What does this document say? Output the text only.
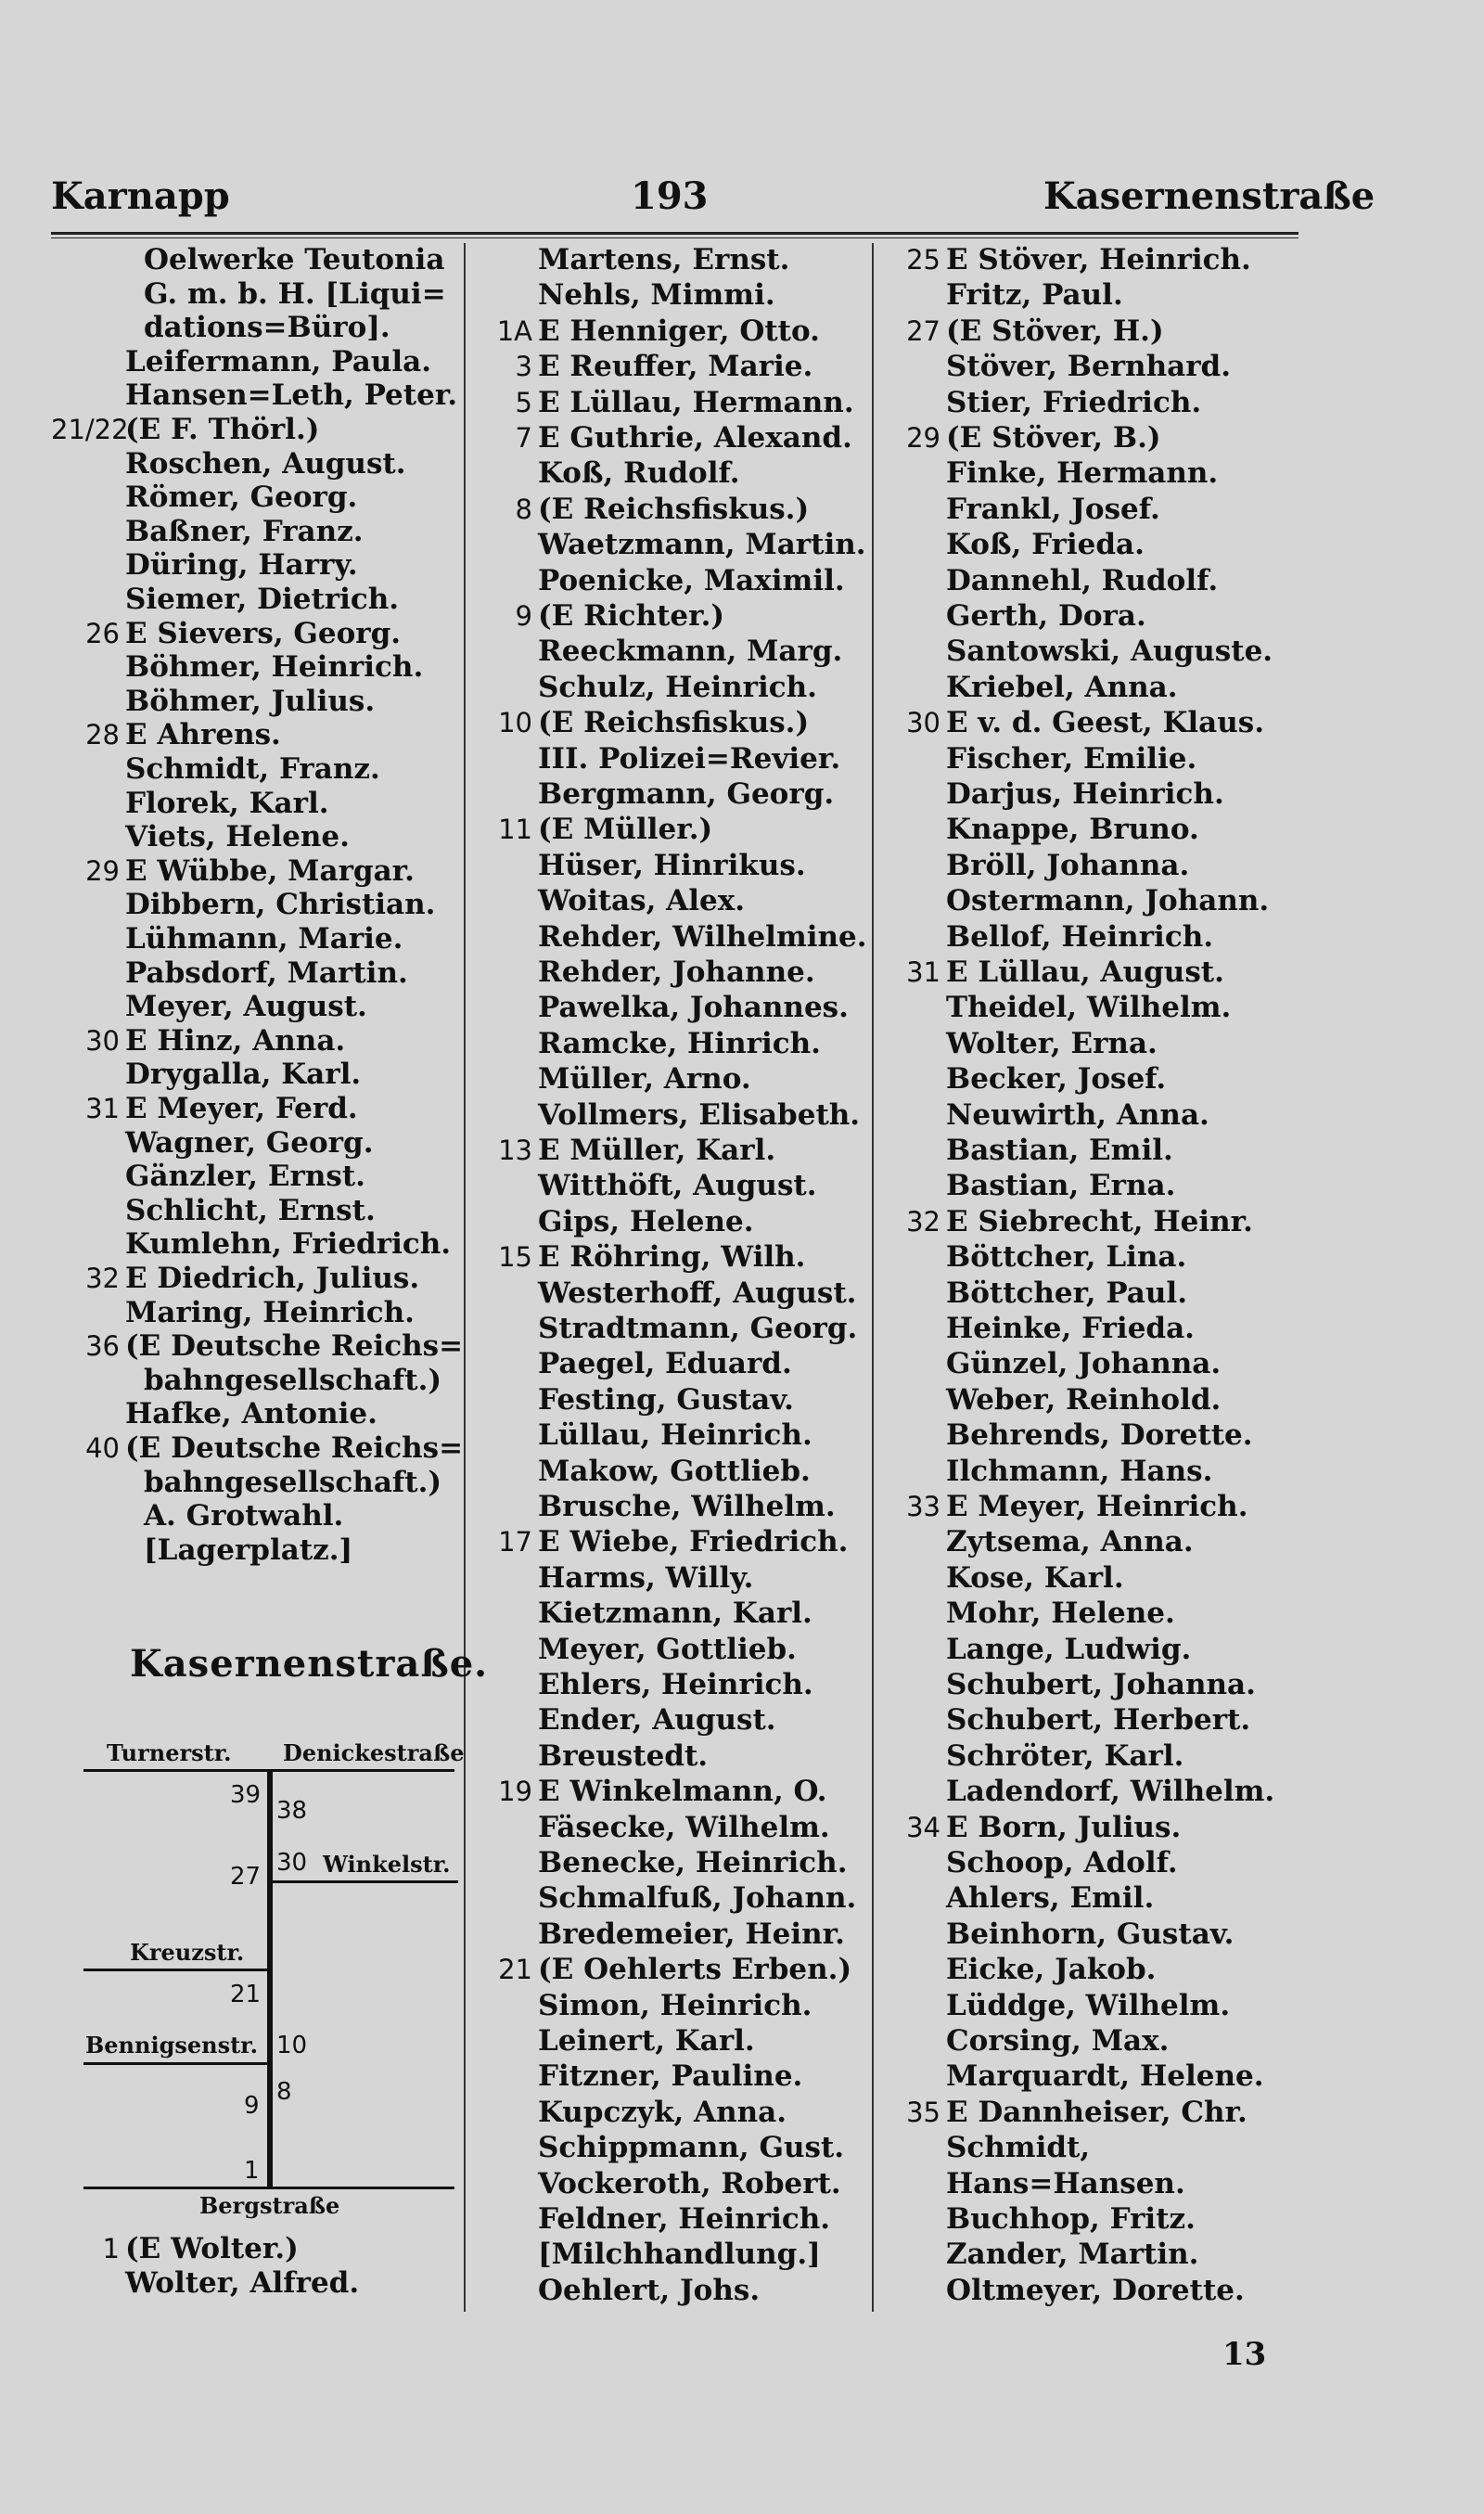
Karnapp	193	Kasernenstraße
Oelwerke Teutonia
G. m. b. H. [Liqui=
dations=Büro].
Leifermann, Paula.
Hansen=Leth, Peter.
21/22
(E F. Thörl.)
Roschen, August.
Römer, Georg.
Baßner, Franz.
Düring, Harry.
Siemer, Dietrich.
26 E Sievers, Georg.
Böhmer, Heinrich.
Böhmer, Julius.
28 E Ahrens.
Schmidt, Franz.
Florek, Karl.
Viets, Helene.
29 E Wübbe, Margar.
Dibbern, Christian.
Lühmann, Marie.
Pabsdorf, Martin.
Meyer, August.
30 E Hinz, Anna.
Drygalla, Karl.
31 E Meyer, Ferd.
Wagner, Georg.
Gänzler, Ernst.
Schlicht, Ernst.
Kumlehn, Friedrich.
32 E Diedrich, Julius.
Maring, Heinrich.
36 (E Deutsche Reichs=
bahngesellschaft.)
Hafke, Antonie.
40 (E Deutsche Reichs=
bahngesellschaft.)
A. Grotwahl.
[Lagerplatz.]
Kasernenstraße.
Turnerstr. Denickestraße
39
38
27 30 Winkelstr.
Kreuzstr.
21
Bennigsenstr. 10
9 8
1
Bergstraße
1 (E Wolter.)
Wolter, Alfred.
Martens, Ernst.
Nehls, Mimmi.
1A E Henniger, Otto.
3 E Reuffer, Marie.
5 E Lüllau, Hermann.
7 E Guthrie, Alexand.
Koß, Rudolf.
8 (E Reichsfiskus.)
Waetzmann, Martin.
Poenicke, Maximil.
9 (E Richter.)
Reeckmann, Marg.
Schulz, Heinrich.
10 (E Reichsfiskus.)
III. Polizei=Revier.
Bergmann, Georg.
11 (E Müller.)
Hüser, Hinrikus.
Woitas, Alex.
Rehder, Wilhelmine.
Rehder, Johanne.
Pawelka, Johannes.
Ramcke, Hinrich.
Müller, Arno.
Vollmers, Elisabeth.
13 E Müller, Karl.
Witthöft, August.
Gips, Helene.
15 E Röhring, Wilh.
Westerhoff, August.
Stradtmann, Georg.
Paegel, Eduard.
Festing, Gustav.
Lüllau, Heinrich.
Makow, Gottlieb.
Brusche, Wilhelm.
17 E Wiebe, Friedrich.
Harms, Willy.
Kietzmann, Karl.
Meyer, Gottlieb.
Ehlers, Heinrich.
Ender, August.
Breustedt.
19 E Winkelmann, O.
Fäsecke, Wilhelm.
Benecke, Heinrich.
Schmalfuß, Johann.
Bredemeier, Heinr.
21 (E Oehlerts Erben.)
Simon, Heinrich.
Leinert, Karl.
Fitzner, Pauline.
Kupczyk, Anna.
Schippmann, Gust.
Vockeroth, Robert.
Feldner, Heinrich.
[Milchhandlung.]
Oehlert, Johs.
25 E Stöver, Heinrich.
Fritz, Paul.
27 (E Stöver, H.)
Stöver, Bernhard.
Stier, Friedrich.
29 (E Stöver, B.)
Finke, Hermann.
Frankl, Josef.
Koß, Frieda.
Dannehl, Rudolf.
Gerth, Dora.
Santowski, Auguste.
Kriebel, Anna.
30 E v. d. Geest, Klaus.
Fischer, Emilie.
Darjus, Heinrich.
Knappe, Bruno.
Bröll, Johanna.
Ostermann, Johann.
Bellof, Heinrich.
31 E Lüllau, August.
Theidel, Wilhelm.
Wolter, Erna.
Becker, Josef.
Neuwirth, Anna.
Bastian, Emil.
Bastian, Erna.
32 E Siebrecht, Heinr.
Böttcher, Lina.
Böttcher, Paul.
Heinke, Frieda.
Günzel, Johanna.
Weber, Reinhold.
Behrends, Dorette.
Ilchmann, Hans.
33 E Meyer, Heinrich.
Zytsema, Anna.
Kose, Karl.
Mohr, Helene.
Lange, Ludwig.
Schubert, Johanna.
Schubert, Herbert.
Schröter, Karl.
Ladendorf, Wilhelm.
34 E Born, Julius.
Schoop, Adolf.
Ahlers, Emil.
Beinhorn, Gustav.
Eicke, Jakob.
Lüddge, Wilhelm.
Corsing, Max.
Marquardt, Helene.
35 E Dannheiser, Chr.
Schmidt,
Hans=Hansen.
Buchhop, Fritz.
Zander, Martin.
Oltmeyer, Dorette.
13
